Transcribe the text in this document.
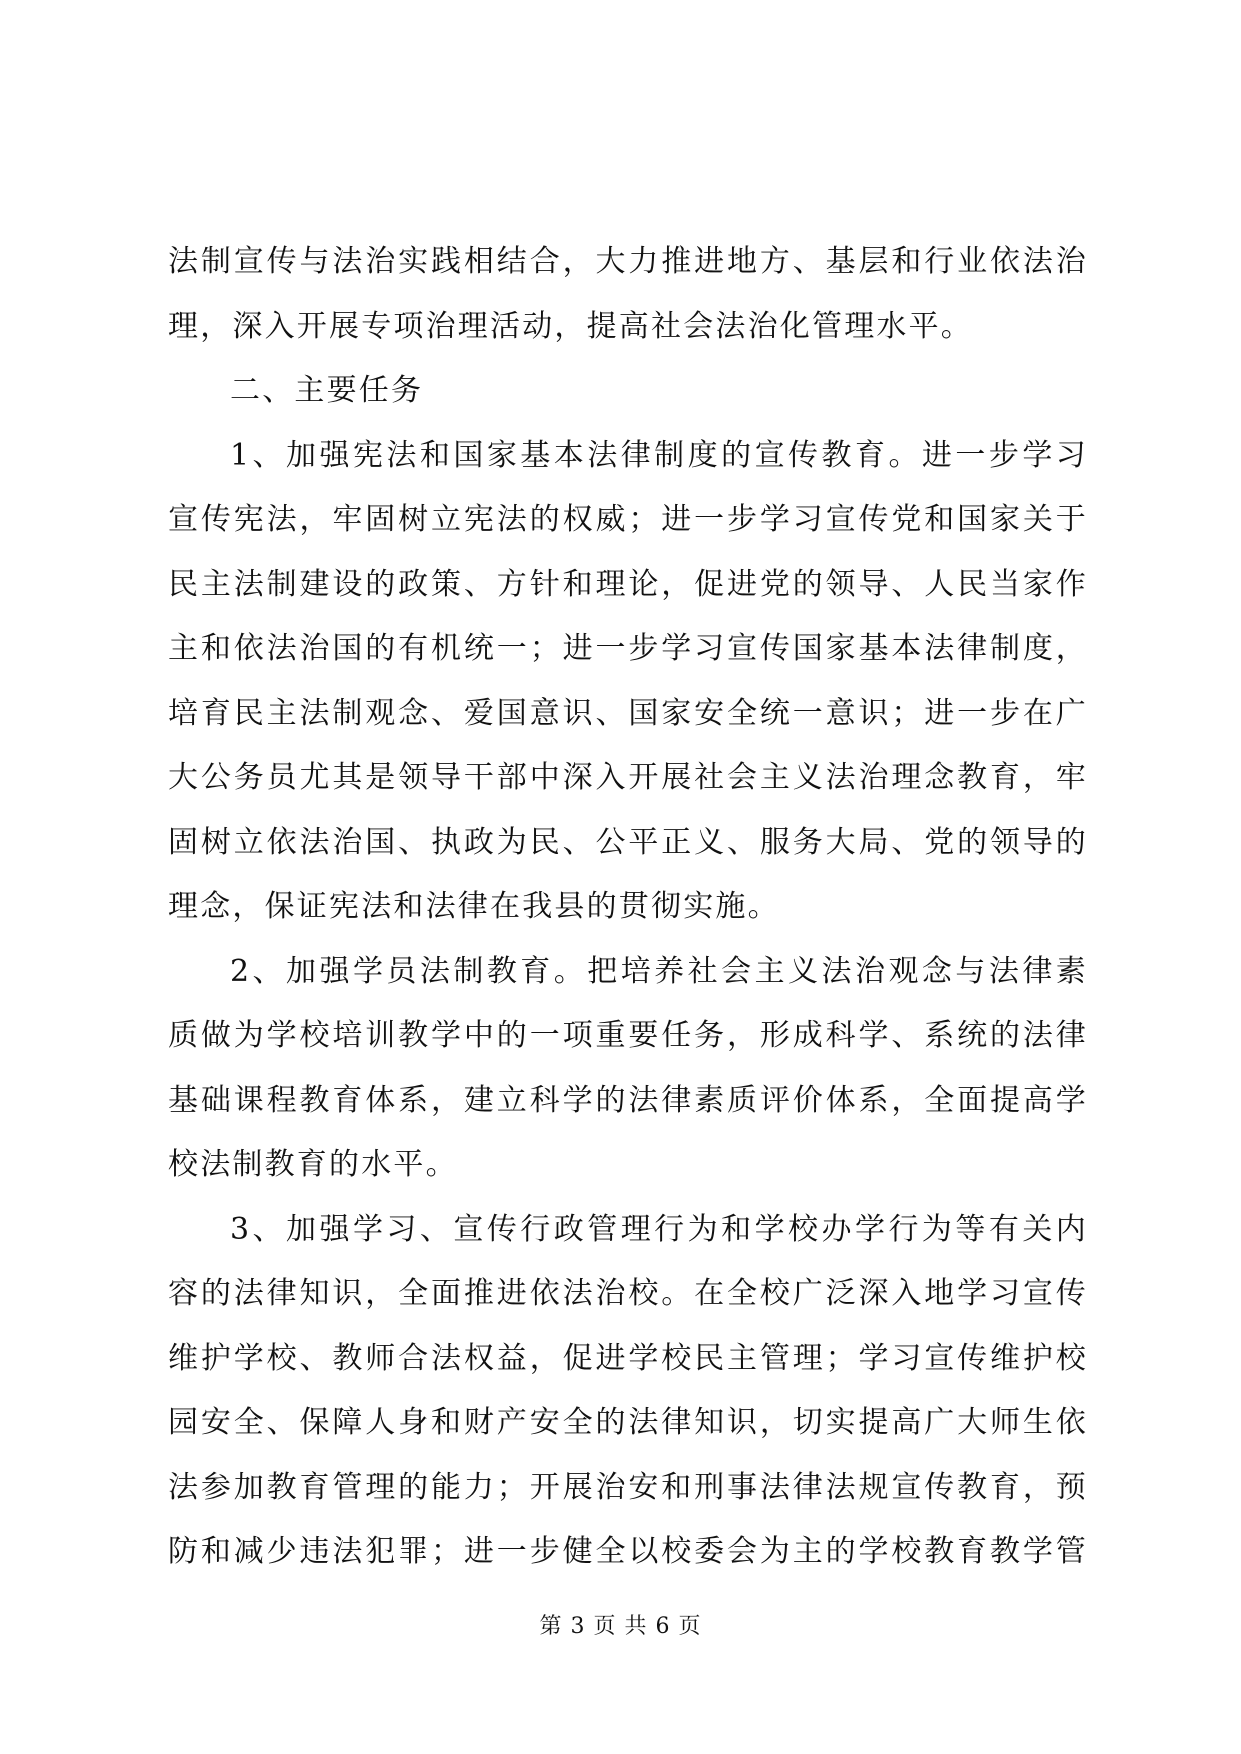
法制宣传与法治实践相结合，大力推进地方、基层和行业依法治
理，深入开展专项治理活动，提高社会法治化管理水平。
二、主要任务
1、加强宪法和国家基本法律制度的宣传教育。进一步学习
宣传宪法，牢固树立宪法的权威；进一步学习宣传党和国家关于
民主法制建设的政策、方针和理论，促进党的领导、人民当家作
主和依法治国的有机统一；进一步学习宣传国家基本法律制度，
培育民主法制观念、爱国意识、国家安全统一意识；进一步在广
大公务员尤其是领导干部中深入开展社会主义法治理念教育，牢
固树立依法治国、执政为民、公平正义、服务大局、党的领导的
理念，保证宪法和法律在我县的贯彻实施。
2、加强学员法制教育。把培养社会主义法治观念与法律素
质做为学校培训教学中的一项重要任务，形成科学、系统的法律
基础课程教育体系，建立科学的法律素质评价体系，全面提高学
校法制教育的水平。
3、加强学习、宣传行政管理行为和学校办学行为等有关内
容的法律知识，全面推进依法治校。在全校广泛深入地学习宣传
维护学校、教师合法权益，促进学校民主管理；学习宣传维护校
园安全、保障人身和财产安全的法律知识，切实提高广大师生依
法参加教育管理的能力；开展治安和刑事法律法规宣传教育，预
防和减少违法犯罪；进一步健全以校委会为主的学校教育教学管
第 3 页 共 6 页
